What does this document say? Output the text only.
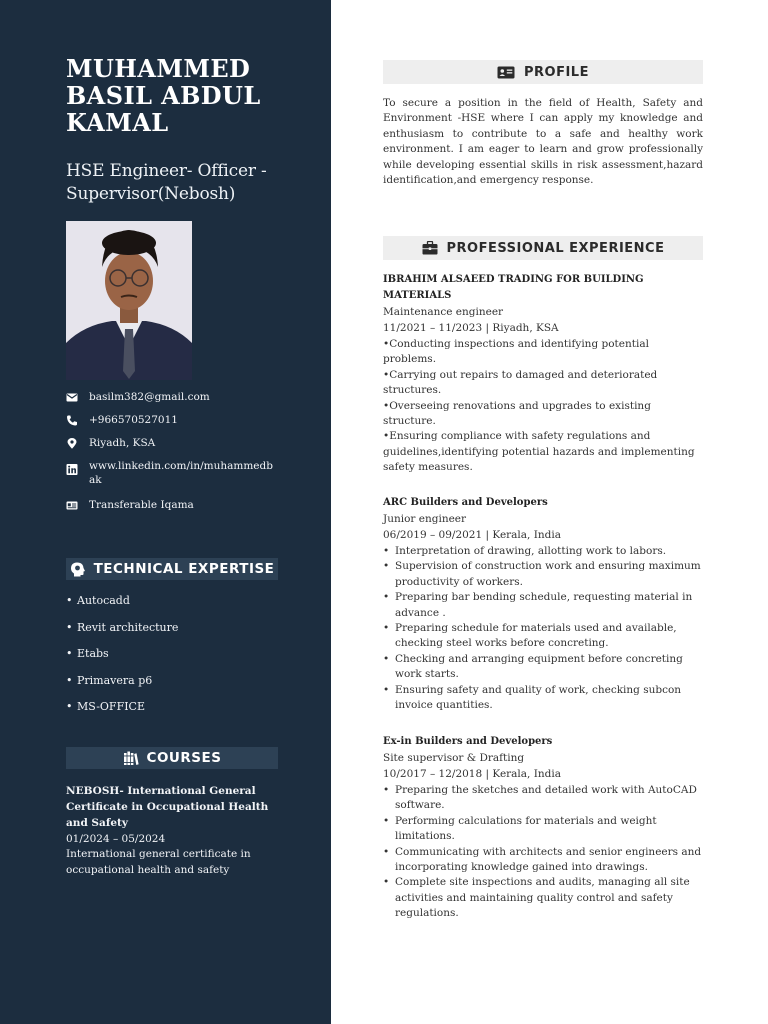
MUHAMMED
BASIL ABDUL
KAMAL
HSE Engineer- Officer - Supervisor(Nebosh)
basilm382@gmail.com
+966570527011
Riyadh, KSA
www.linkedin.com/in/muhammedbak
Transferable Iqama
TECHNICAL EXPERTISE
• Autocadd
• Revit architecture
• Etabs
• Primavera p6
• MS-OFFICE
COURSES

NEBOSH- International General Certificate in Occupational Health and Safety

01/2024 – 05/2024

International general certificate in occupational health and safety

PROFILE

To secure a position in the field of Health, Safety and Environment -HSE where I can apply my knowledge and enthusiasm to contribute to a safe and healthy work environment. I am eager to learn and grow professionally while developing essential skills in risk assessment,hazard identification,and emergency response.

PROFESSIONAL EXPERIENCE

IBRAHIM ALSAEED TRADING FOR BUILDING MATERIALS

Maintenance engineer

11/2021 – 11/2023 | Riyadh, KSA

•Conducting inspections and identifying potential problems.
•Carrying out repairs to damaged and deteriorated structures.
•Overseeing renovations and upgrades to existing structure.
•Ensuring compliance with safety regulations and guidelines,identifying potential hazards and implementing safety measures.

ARC Builders and Developers

Junior engineer

06/2019 – 09/2021 | Kerala, India

• Interpretation of drawing, allotting work to labors.
• Supervision of construction work and ensuring maximum productivity of workers.
• Preparing bar bending schedule, requesting material in advance .
• Preparing schedule for materials used and available, checking steel works before concreting.
• Checking and arranging equipment before concreting work starts.
• Ensuring safety and quality of work, checking subcon invoice quantities.

Ex-in Builders and Developers

Site supervisor & Drafting

10/2017 – 12/2018 | Kerala, India

• Preparing the sketches and detailed work with AutoCAD software.
• Performing calculations for materials and weight limitations.
• Communicating with architects and senior engineers and incorporating knowledge gained into drawings.
• Complete site inspections and audits, managing all site activities and maintaining quality control and safety regulations.
